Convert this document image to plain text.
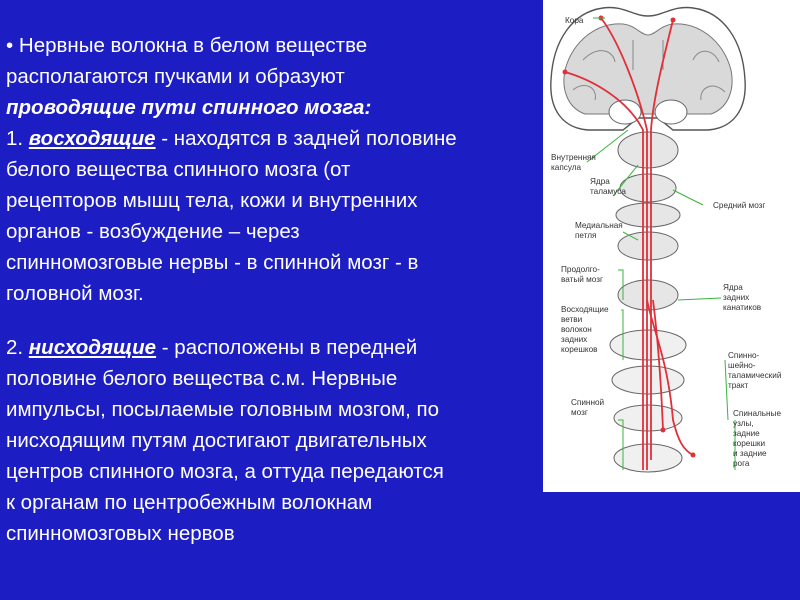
• Нервные волокна в белом веществе
располагаются пучками и образуют
проводящие пути спинного мозга:
1. восходящие - находятся в задней половине
белого вещества спинного мозга (от
рецепторов мышц тела, кожи и внутренних
органов - возбуждение – через
спинномозговые нервы - в спинной мозг - в
головной мозг.
2. нисходящие - расположены в передней
половине белого вещества с.м. Нервные
импульсы, посылаемые головным мозгом, по
нисходящим путям достигают двигательных
центров спинного мозга, а оттуда передаются
к органам по центробежным волокнам
спинномозговых нервов
Кора
Внутренняя
капсула
Ядра
таламуса
Средний мозг
Медиальная
петля
Продолго-
ватый мозг
Ядра
задних
канатиков
Восходящие
ветви
волокон
задних
корешков
Спинно-
шейно-
таламический
тракт
Спинной
мозг	Спинальные
узлы,
задние
корешки
и задние
рога
